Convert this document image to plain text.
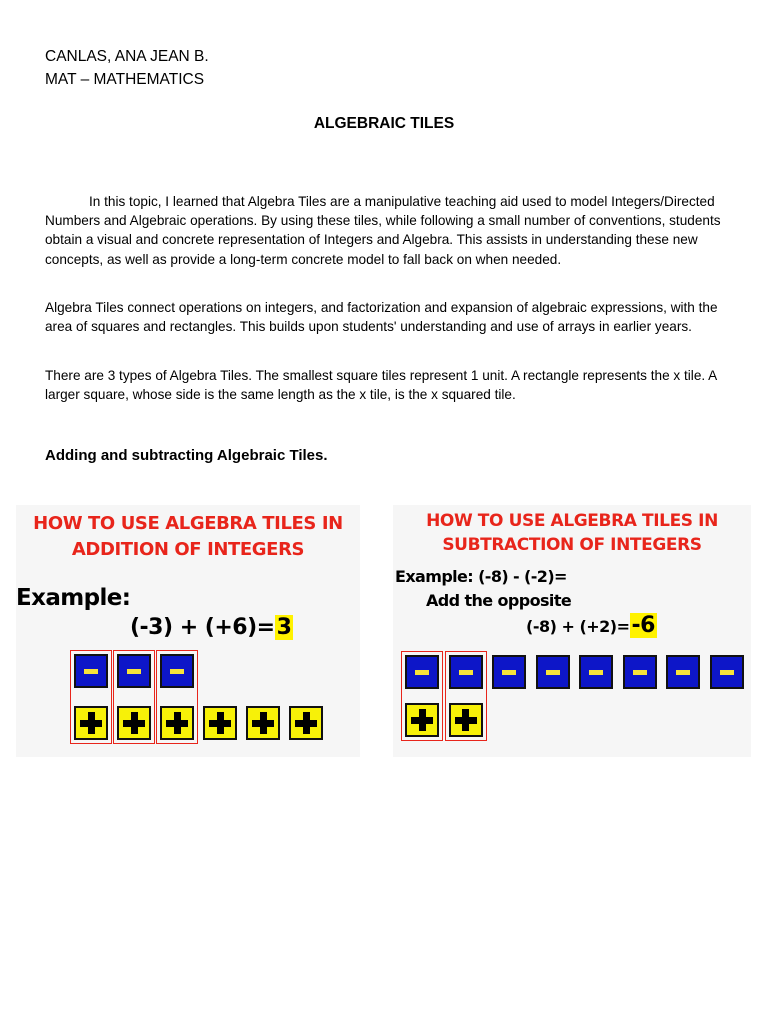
CANLAS, ANA JEAN B.
MAT – MATHEMATICS
ALGEBRAIC TILES

In this topic, I learned that Algebra Tiles are a manipulative teaching aid used to model Integers/Directed Numbers and Algebraic operations. By using these tiles, while following a small number of conventions, students obtain a visual and concrete representation of Integers and Algebra. This assists in understanding these new concepts, as well as provide a long-term concrete model to fall back on when needed.

Algebra Tiles connect operations on integers, and factorization and expansion of algebraic expressions, with the area of squares and rectangles. This builds upon students' understanding and use of arrays in earlier years.

There are 3 types of Algebra Tiles. The smallest square tiles represent 1 unit. A rectangle represents the x tile. A larger square, whose side is the same length as the x tile, is the x squared tile.

Adding and subtracting Algebraic Tiles.
HOW TO USE ALGEBRA TILES IN
ADDITION OF INTEGERS
Example:
(-3) + (+6)=3
HOW TO USE ALGEBRA TILES IN
SUBTRACTION OF INTEGERS
Example: (-8) - (-2)=
Add the opposite
(-8) + (+2)=-6
